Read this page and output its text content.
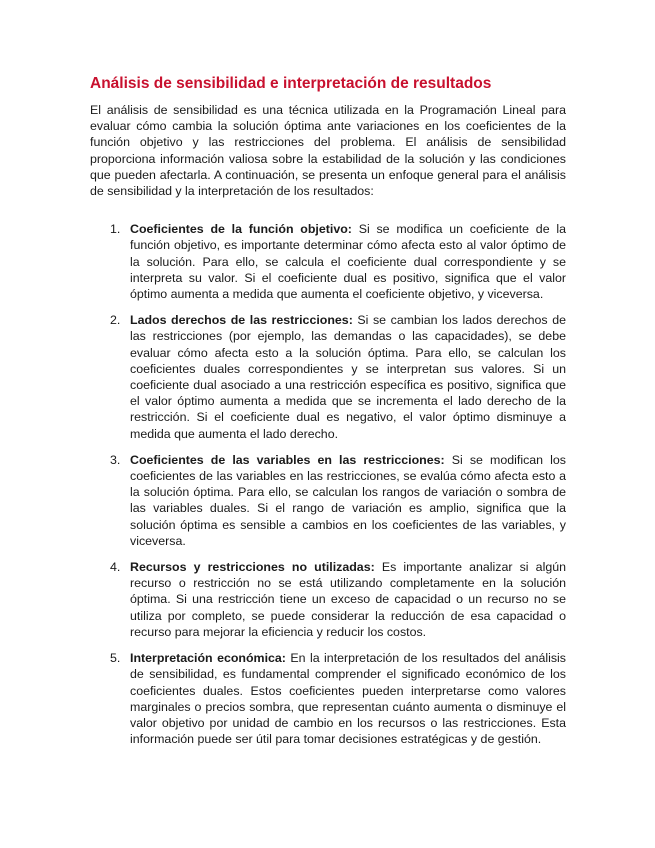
Análisis de sensibilidad e interpretación de resultados

El análisis de sensibilidad es una técnica utilizada en la Programación Lineal para evaluar cómo cambia la solución óptima ante variaciones en los coeficientes de la función objetivo y las restricciones del problema. El análisis de sensibilidad proporciona información valiosa sobre la estabilidad de la solución y las condiciones que pueden afectarla. A continuación, se presenta un enfoque general para el análisis de sensibilidad y la interpretación de los resultados:

1. Coeficientes de la función objetivo: Si se modifica un coeficiente de la función objetivo, es importante determinar cómo afecta esto al valor óptimo de la solución. Para ello, se calcula el coeficiente dual correspondiente y se interpreta su valor. Si el coeficiente dual es positivo, significa que el valor óptimo aumenta a medida que aumenta el coeficiente objetivo, y viceversa.
2. Lados derechos de las restricciones: Si se cambian los lados derechos de las restricciones (por ejemplo, las demandas o las capacidades), se debe evaluar cómo afecta esto a la solución óptima. Para ello, se calculan los coeficientes duales correspondientes y se interpretan sus valores. Si un coeficiente dual asociado a una restricción específica es positivo, significa que el valor óptimo aumenta a medida que se incrementa el lado derecho de la restricción. Si el coeficiente dual es negativo, el valor óptimo disminuye a medida que aumenta el lado derecho.
3. Coeficientes de las variables en las restricciones: Si se modifican los coeficientes de las variables en las restricciones, se evalúa cómo afecta esto a la solución óptima. Para ello, se calculan los rangos de variación o sombra de las variables duales. Si el rango de variación es amplio, significa que la solución óptima es sensible a cambios en los coeficientes de las variables, y viceversa.
4. Recursos y restricciones no utilizadas: Es importante analizar si algún recurso o restricción no se está utilizando completamente en la solución óptima. Si una restricción tiene un exceso de capacidad o un recurso no se utiliza por completo, se puede considerar la reducción de esa capacidad o recurso para mejorar la eficiencia y reducir los costos.
5. Interpretación económica: En la interpretación de los resultados del análisis de sensibilidad, es fundamental comprender el significado económico de los coeficientes duales. Estos coeficientes pueden interpretarse como valores marginales o precios sombra, que representan cuánto aumenta o disminuye el valor objetivo por unidad de cambio en los recursos o las restricciones. Esta información puede ser útil para tomar decisiones estratégicas y de gestión.
